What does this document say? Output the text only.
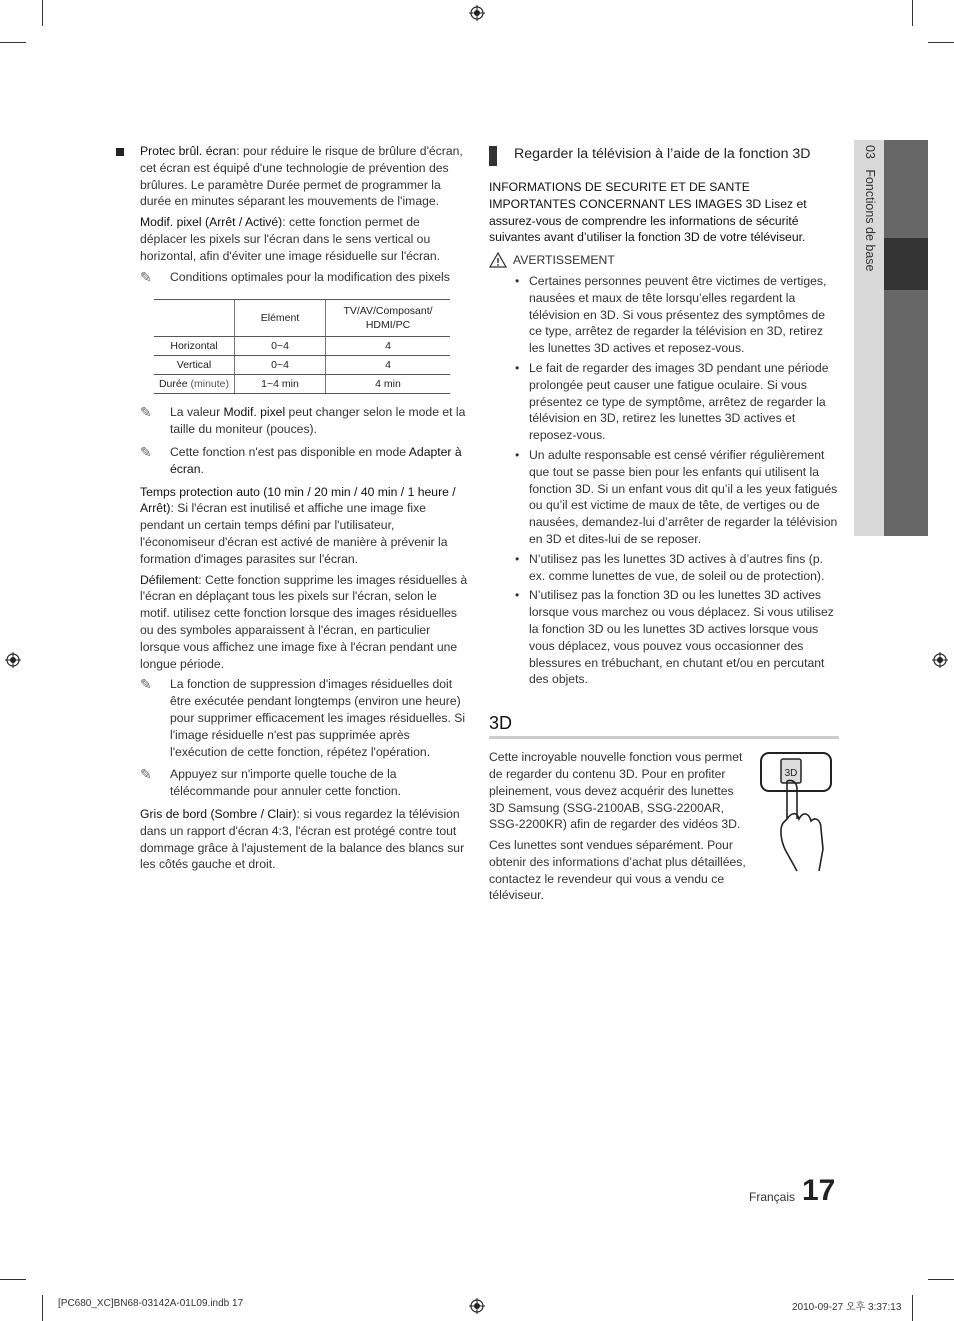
Protec brûl. écran: pour réduire le risque de brûlure d'écran, cet écran est équipé d'une technologie de prévention des brûlures. Le paramètre Durée permet de programmer la durée en minutes séparant les mouvements de l'image.

Modif. pixel (Arrêt / Activé): cette fonction permet de déplacer les pixels sur l'écran dans le sens vertical ou horizontal, afin d'éviter une image résiduelle sur l'écran.

✎ Conditions optimales pour la modification des pixels
	Elément	TV/AV/Composant/
HDMI/PC
Horizontal	0~4	4
Vertical	0~4	4
Durée (minute)	1~4 min	4 min
✎ La valeur Modif. pixel peut changer selon le mode et la taille du moniteur (pouces).
✎ Cette fonction n'est pas disponible en mode Adapter à écran.

Temps protection auto (10 min / 20 min / 40 min / 1 heure / Arrêt): Si l'écran est inutilisé et affiche une image fixe pendant un certain temps défini par l'utilisateur, l'économiseur d'écran est activé de manière à prévenir la formation d'images parasites sur l'écran.

Défilement: Cette fonction supprime les images résiduelles à l'écran en déplaçant tous les pixels sur l'écran, selon le motif. utilisez cette fonction lorsque des images résiduelles ou des symboles apparaissent à l'écran, en particulier lorsque vous affichez une image fixe à l'écran pendant une longue période.

✎ La fonction de suppression d'images résiduelles doit être exécutée pendant longtemps (environ une heure) pour supprimer efficacement les images résiduelles. Si l'image résiduelle n'est pas supprimée après l'exécution de cette fonction, répétez l'opération.
✎ Appuyez sur n'importe quelle touche de la télécommande pour annuler cette fonction.

Gris de bord (Sombre / Clair): si vous regardez la télévision dans un rapport d'écran 4:3, l'écran est protégé contre tout dommage grâce à l'ajustement de la balance des blancs sur les côtés gauche et droit.

Regarder la télévision à l’aide de la fonction 3D

INFORMATIONS DE SECURITE ET DE SANTE IMPORTANTES CONCERNANT LES IMAGES 3D Lisez et assurez-vous de comprendre les informations de sécurité suivantes avant d’utiliser la fonction 3D de votre téléviseur.

AVERTISSEMENT
• Certaines personnes peuvent être victimes de vertiges, nausées et maux de tête lorsqu’elles regardent la télévision en 3D. Si vous présentez des symptômes de ce type, arrêtez de regarder la télévision en 3D, retirez les lunettes 3D actives et reposez-vous.
• Le fait de regarder des images 3D pendant une période prolongée peut causer une fatigue oculaire. Si vous présentez ce type de symptôme, arrêtez de regarder la télévision en 3D, retirez les lunettes 3D actives et reposez-vous.
• Un adulte responsable est censé vérifier régulièrement que tout se passe bien pour les enfants qui utilisent la fonction 3D. Si un enfant vous dit qu’il a les yeux fatigués ou qu’il est victime de maux de tête, de vertiges ou de nausées, demandez-lui d’arrêter de regarder la télévision en 3D et dites-lui de se reposer.
• N’utilisez pas les lunettes 3D actives à d’autres fins (p. ex. comme lunettes de vue, de soleil ou de protection).
• N’utilisez pas la fonction 3D ou les lunettes 3D actives lorsque vous marchez ou vous déplacez. Si vous utilisez la fonction 3D ou les lunettes 3D actives lorsque vous vous déplacez, vous pouvez vous occasionner des blessures en trébuchant, en chutant et/ou en percutant des objets.
3D
3D

Cette incroyable nouvelle fonction vous permet de regarder du contenu 3D. Pour en profiter pleinement, vous devez acquérir des lunettes 3D Samsung (SSG-2100AB, SSG-2200AR, SSG-2200KR) afin de regarder des vidéos 3D.

Ces lunettes sont vendues séparément. Pour obtenir des informations d’achat plus détaillées, contactez le revendeur qui vous a vendu ce téléviseur.

03   Fonctions de base
Français 17
[PC680_XC]BN68-03142A-01L09.indb 17	2010-09-27 오후 3:37:13
